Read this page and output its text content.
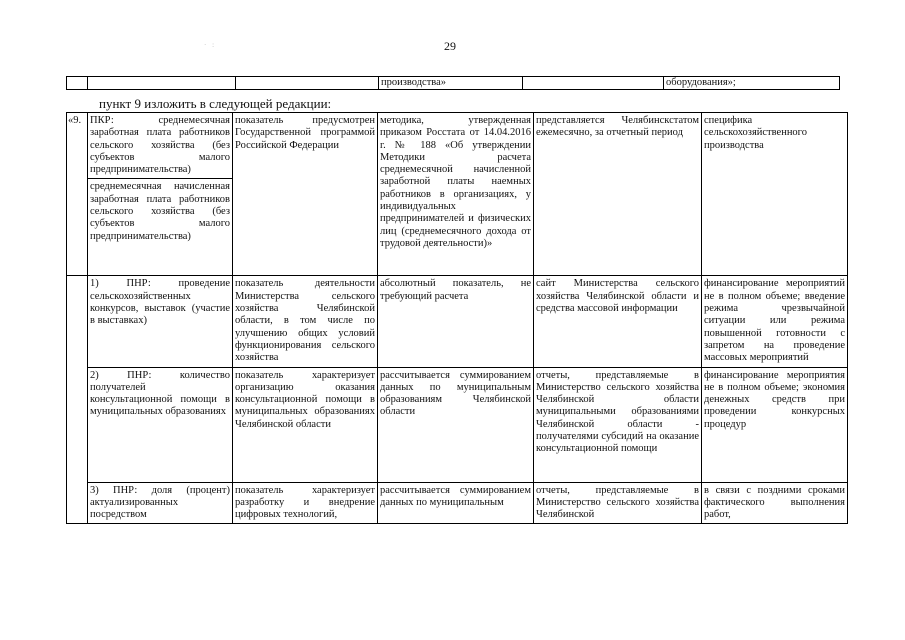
· :	29
			производства»		оборудования»;
пункт 9 изложить в следующей редакции:
«9.	ПКР: среднемесячная заработная плата работников сельского хозяйства (без субъектов малого предпринимательства)	показатель предусмотрен Государственной программой Российской Федерации	методика, утвержденная приказом Росстата от 14.04.2016 г. № 188 «Об утверждении Методики расчета среднемесячной начисленной заработной платы наемных работников в организациях, у индивидуальных предпринимателей и физических лиц (среднемесячного дохода от трудовой деятельности)»	представляется Челябинскстатом ежемесячно, за отчетный период	специфика сельскохозяйственного производства
	среднемесячная начисленная заработная плата работников сельского хозяйства (без субъектов малого предпринимательства)				
	1) ПНР: проведение сельскохозяйственных конкурсов, выставок (участие в выставках)	показатель деятельности Министерства сельского хозяйства Челябинской области, в том числе по улучшению общих условий функционирования сельского хозяйства	абсолютный показатель, не требующий расчета	сайт Министерства сельского хозяйства Челябинской области и средства массовой информации	финансирование мероприятий не в полном объеме; введение режима чрезвычайной ситуации или режима повышенной готовности с запретом на проведение массовых мероприятий
	2) ПНР: количество получателей консультационной помощи в муниципальных образованиях	показатель характеризует организацию оказания консультационной помощи в муниципальных образованиях Челябинской области	рассчитывается суммированием данных по муниципальным образованиям Челябинской области	отчеты, представляемые в Министерство сельского хозяйства Челябинской области муниципальными образованиями Челябинской области - получателями субсидий на оказание консультационной помощи	финансирование мероприятия не в полном объеме; экономия денежных средств при проведении конкурсных процедур
	3) ПНР: доля (процент) актуализированных посредством	показатель характеризует разработку и внедрение цифровых технологий,	рассчитывается суммированием данных по муниципальным	отчеты, представляемые в Министерство сельского хозяйства Челябинской	в связи с поздними сроками фактического выполнения работ,
